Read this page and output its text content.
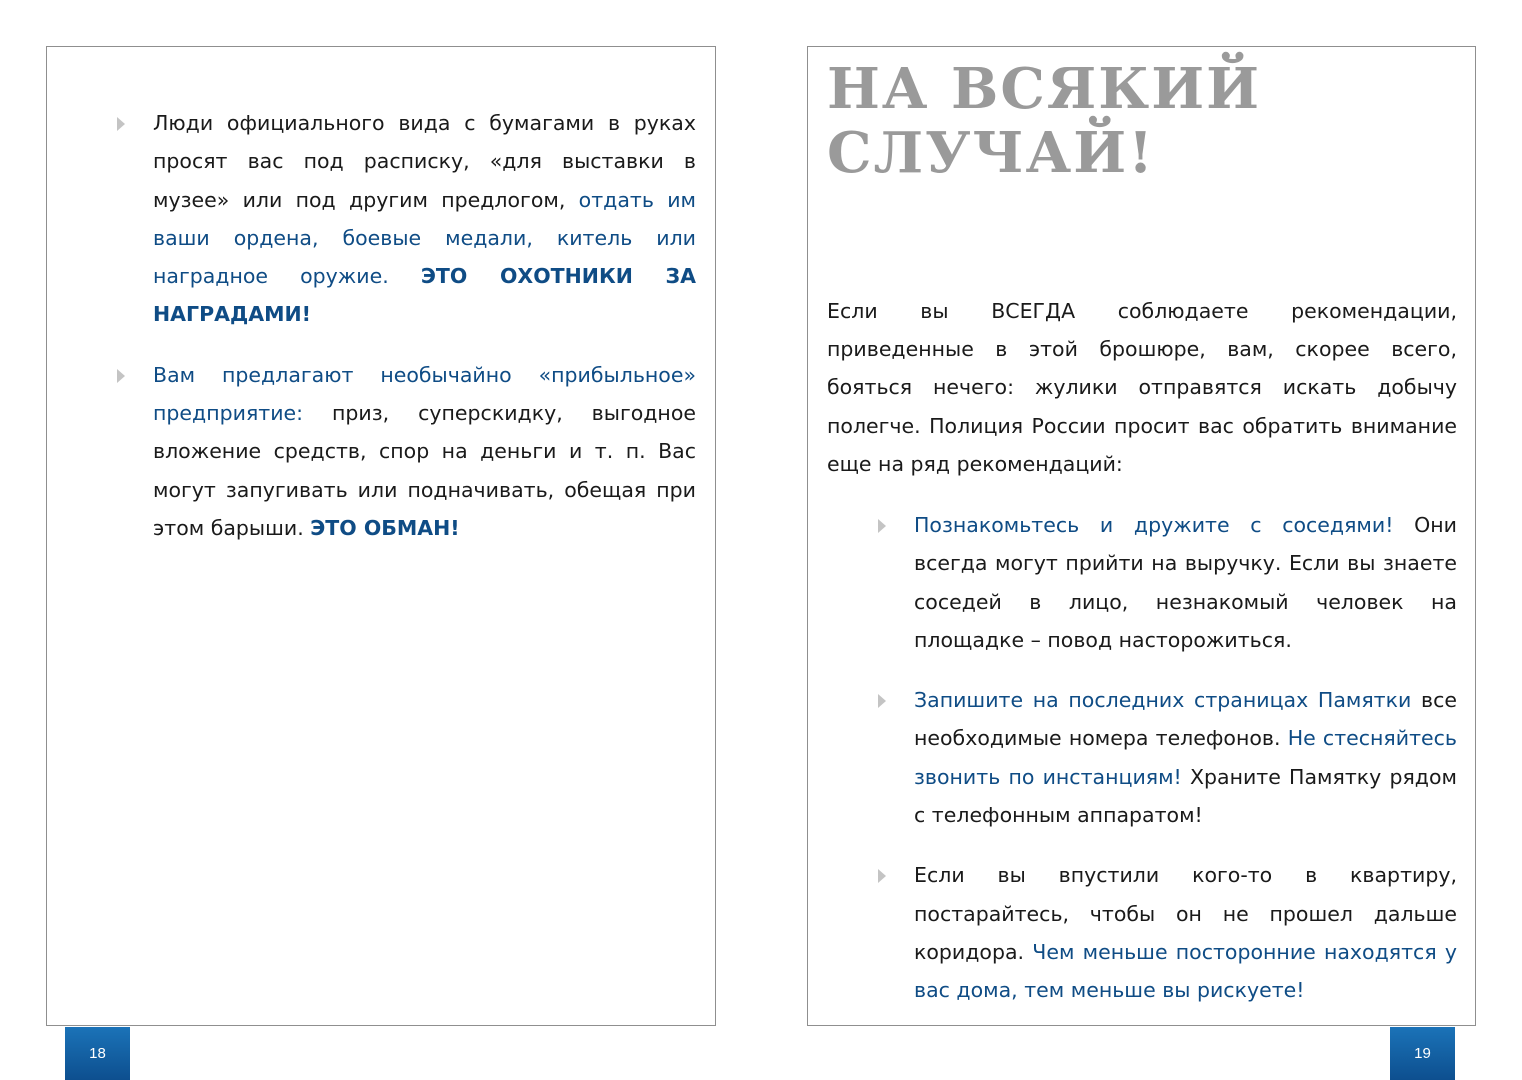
Люди официального вида с бумагами в руках просят вас под расписку, «для выставки в музее» или под другим предлогом, отдать им ваши ордена, боевые медали, китель или наградное оружие. ЭТО ОХОТНИКИ ЗА НАГРАДАМИ!
Вам предлагают необычайно «прибыльное» предприятие: приз, суперскидку, выгодное вложение средств, спор на деньги и т. п. Вас могут запугивать или подначивать, обещая при этом барыши. ЭТО ОБМАН!
18
НА ВСЯКИЙ
СЛУЧАЙ!

Если вы ВСЕГДА соблюдаете рекомендации, приведенные в этой брошюре, вам, скорее всего, бояться нечего: жулики отправятся искать добычу полегче. Полиция России просит вас обратить внимание еще на ряд рекомендаций:

Познакомьтесь и дружите с соседями! Они всегда могут прийти на выручку. Если вы знаете соседей в лицо, незнакомый человек на площадке – повод насторожиться.
Запишите на последних страницах Памятки все необходимые номера телефонов. Не стесняйтесь звонить по инстанциям! Храните Памятку рядом с телефонным аппаратом!
Если вы впустили кого-то в квартиру, постарайтесь, чтобы он не прошел дальше коридора. Чем меньше посторонние находятся у вас дома, тем меньше вы рискуете!
19
